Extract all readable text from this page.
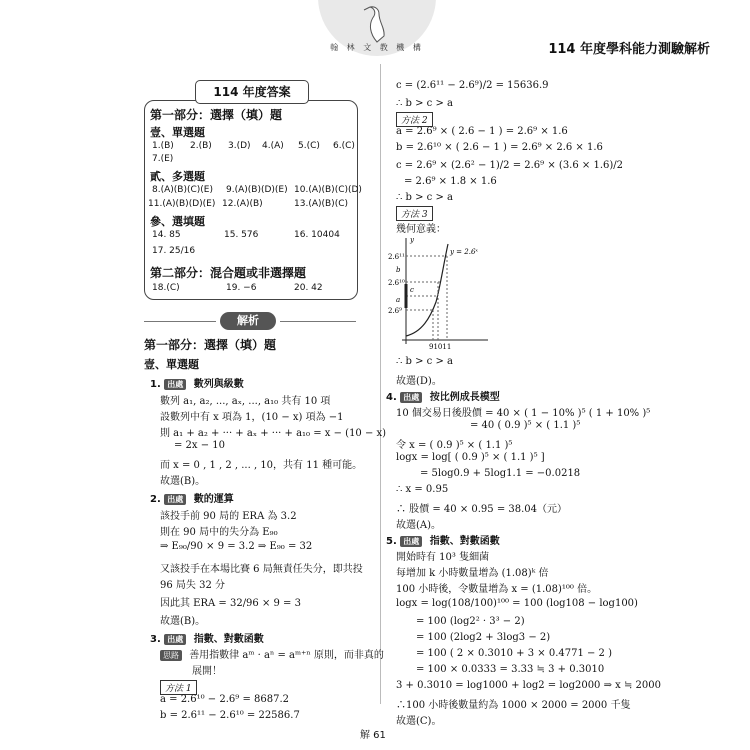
翰 林 文 教 機 構	114 年度學科能力測驗解析
114 年度答案
第一部分：選擇（填）題
壹、單選題
1.(B) 2.(B) 3.(D) 4.(A) 5.(C) 6.(C)
7.(E)
貳、多選題
8.(A)(B)(C)(E) 9.(A)(B)(D)(E) 10.(A)(B)(C)(D)
11.(A)(B)(D)(E) 12.(A)(B)	13.(A)(B)(C)
參、選填題
14. 85	15. 576	16. 10404
17. 25/16
第二部分：混合題或非選擇題
18.(C)	19. −6	20. 42
解析
第一部分：選擇（填）題
壹、單選題
1. 出處 數列與級數
數列 a₁, a₂, ..., aₓ, ..., a₁₀ 共有 10 項
設數列中有 x 項為 1，(10 − x) 項為 −1
則 a₁ + a₂ + ··· + aₓ + ··· + a₁₀ = x − (10 − x)
= 2x − 10
而 x = 0 , 1 , 2 , ... , 10，共有 11 種可能。
故選(B)。
2. 出處 數的運算
該投手前 90 局的 ERA 為 3.2
則在 90 局中的失分為 E₉₀
⇒ E₉₀/90 × 9 = 3.2 ⇒ E₉₀ = 32
又該投手在本場比賽 6 局無責任失分，即共投
96 局失 32 分
因此其 ERA = 32/96 × 9 = 3
故選(B)。
3. 出處 指數、對數函數
思路 善用指數律 aᵐ · aⁿ = aᵐ⁺ⁿ 原則，而非真的
展開！
方法 1
a = 2.6¹⁰ − 2.6⁹ = 8687.2
b = 2.6¹¹ − 2.6¹⁰ = 22586.7
c = (2.6¹¹ − 2.6⁹)/2 = 15636.9
∴ b > c > a
方法 2
a = 2.6⁹ × ( 2.6 − 1 ) = 2.6⁹ × 1.6
b = 2.6¹⁰ × ( 2.6 − 1 ) = 2.6⁹ × 2.6 × 1.6
c = 2.6⁹ × (2.6² − 1)/2 = 2.6⁹ × (3.6 × 1.6)/2
= 2.6⁹ × 1.8 × 1.6
∴ b > c > a
方法 3
幾何意義：
y
y = 2.6ˣ
2.6¹¹
b
2.6¹⁰
a
2.6⁹
c
91011
∴ b > c > a
故選(D)。
4. 出處 按比例成長模型
10 個交易日後股價 = 40 × ( 1 − 10% )⁵ ( 1 + 10% )⁵
= 40 ( 0.9 )⁵ × ( 1.1 )⁵
令 x = ( 0.9 )⁵ × ( 1.1 )⁵
logx = log[ ( 0.9 )⁵ × ( 1.1 )⁵ ]
= 5log0.9 + 5log1.1 = −0.0218
∴ x = 0.95
∴ 股價 = 40 × 0.95 = 38.04（元）
故選(A)。
5. 出處 指數、對數函數
開始時有 10³ 隻細菌
每增加 k 小時數量增為 (1.08)ᵏ 倍
100 小時後，令數量增為 x = (1.08)¹⁰⁰ 倍。
logx = log(108/100)¹⁰⁰ = 100 (log108 − log100)
= 100 (log2² · 3³ − 2)
= 100 (2log2 + 3log3 − 2)
= 100 ( 2 × 0.3010 + 3 × 0.4771 − 2 )
= 100 × 0.0333 = 3.33 ≒ 3 + 0.3010
3 + 0.3010 = log1000 + log2 = log2000 ⇒ x ≒ 2000
∴100 小時後數量約為 1000 × 2000 = 2000 千隻
故選(C)。
解 61
